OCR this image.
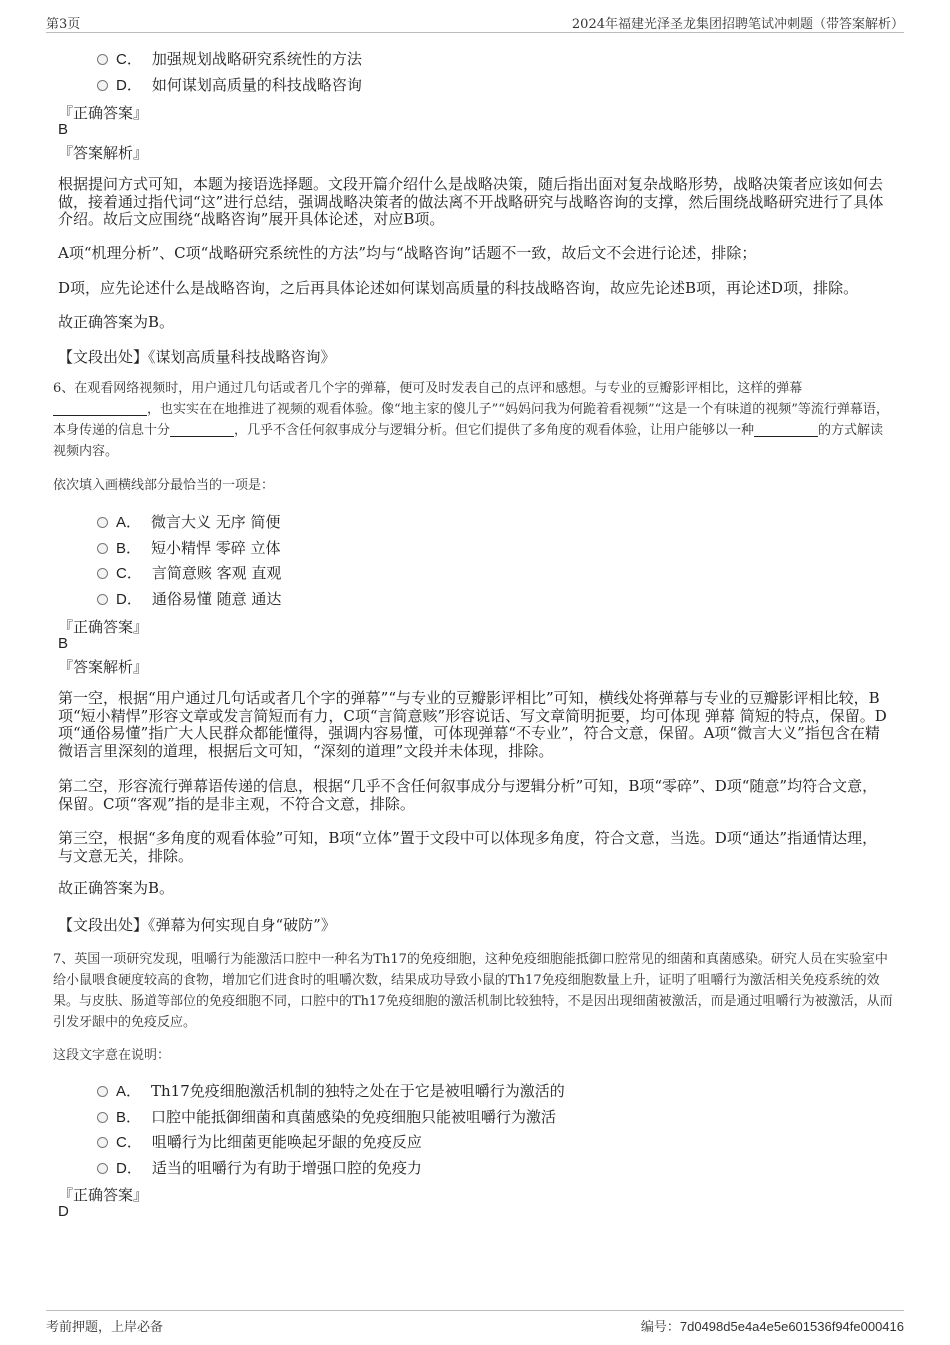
第3页	2024年福建光泽圣龙集团招聘笔试冲刺题（带答案解析）
C． 加强规划战略研究系统性的方法
D． 如何谋划高质量的科技战略咨询
『正确答案』
B
『答案解析』
根据提问方式可知，本题为接语选择题。文段开篇介绍什么是战略决策，随后指出面对复杂战略形势，战略决策者应该如何去做，接着通过指代词“这”进行总结，强调战略决策者的做法离不开战略研究与战略咨询的支撑，然后围绕战略研究进行了具体介绍。故后文应围绕“战略咨询”展开具体论述，对应B项。
A项“机理分析”、C项“战略研究系统性的方法”均与“战略咨询”话题不一致，故后文不会进行论述，排除；
D项，应先论述什么是战略咨询，之后再具体论述如何谋划高质量的科技战略咨询，故应先论述B项，再论述D项，排除。
故正确答案为B。
【文段出处】《谋划高质量科技战略咨询》
6、在观看网络视频时，用户通过几句话或者几个字的弹幕，便可及时发表自己的点评和感想。与专业的豆瓣影评相比，这样的弹幕
，也实实在在地推进了视频的观看体验。像“地主家的傻儿子”“妈妈问我为何跪着看视频”“这是一个有味道的视频”等流行弹幕语，本身传递的信息十分	，几乎不含任何叙事成分与逻辑分析。但它们提供了多角度的观看体验，让用户能够以一种	的方式解读视频内容。
依次填入画横线部分最恰当的一项是：
A． 微言大义 无序 简便
B． 短小精悍 零碎 立体
C． 言简意赅 客观 直观
D． 通俗易懂 随意 通达
『正确答案』
B
『答案解析』
第一空，根据“用户通过几句话或者几个字的弹幕”“与专业的豆瓣影评相比”可知，横线处将弹幕与专业的豆瓣影评相比较，B项“短小精悍”形容文章或发言简短而有力，C项“言简意赅”形容说话、写文章简明扼要，均可体现 弹幕 简短的特点，保留。D项“通俗易懂”指广大人民群众都能懂得，强调内容易懂，可体现弹幕“不专业”，符合文意，保留。A项“微言大义”指包含在精微语言里深刻的道理，根据后文可知，“深刻的道理”文段并未体现，排除。
第二空，形容流行弹幕语传递的信息，根据“几乎不含任何叙事成分与逻辑分析”可知，B项“零碎”、D项“随意”均符合文意，保留。C项“客观”指的是非主观，不符合文意，排除。
第三空，根据“多角度的观看体验”可知，B项“立体”置于文段中可以体现多角度，符合文意，当选。D项“通达”指通情达理，与文意无关，排除。
故正确答案为B。
【文段出处】《弹幕为何实现自身“破防”》
7、英国一项研究发现，咀嚼行为能激活口腔中一种名为Th17的免疫细胞，这种免疫细胞能抵御口腔常见的细菌和真菌感染。研究人员在实验室中给小鼠喂食硬度较高的食物，增加它们进食时的咀嚼次数，结果成功导致小鼠的Th17免疫细胞数量上升，证明了咀嚼行为激活相关免疫系统的效果。与皮肤、肠道等部位的免疫细胞不同，口腔中的Th17免疫细胞的激活机制比较独特，不是因出现细菌被激活，而是通过咀嚼行为被激活，从而引发牙龈中的免疫反应。
这段文字意在说明：
A． Th17免疫细胞激活机制的独特之处在于它是被咀嚼行为激活的
B． 口腔中能抵御细菌和真菌感染的免疫细胞只能被咀嚼行为激活
C． 咀嚼行为比细菌更能唤起牙龈的免疫反应
D． 适当的咀嚼行为有助于增强口腔的免疫力
『正确答案』
D
考前押题，上岸必备	编号：7d0498d5e4a4e5e601536f94fe000416
